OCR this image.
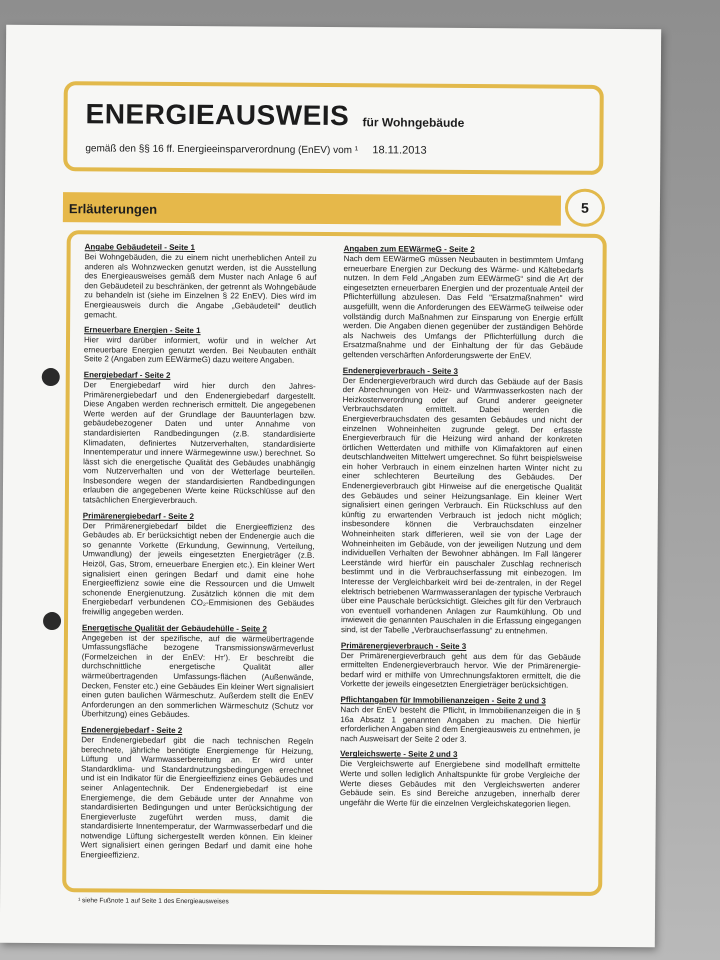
ENERGIEAUSWEIS für Wohngebäude
gemäß den §§ 16 ff. Energieeinsparverordnung (EnEV) vom ¹ 18.11.2013
Erläuterungen	5
Angabe Gebäudeteil - Seite 1

Bei Wohngebäuden, die zu einem nicht unerheblichen Anteil zu anderen als Wohnzwecken genutzt werden, ist die Ausstellung des Energieausweises gemäß dem Muster nach Anlage 6 auf den Gebäudeteil zu beschränken, der getrennt als Wohngebäude zu behandeln ist (siehe im Einzelnen § 22 EnEV). Dies wird im Energieausweis durch die Angabe „Gebäudeteil“ deutlich gemacht.

Erneuerbare Energien - Seite 1

Hier wird darüber informiert, wofür und in welcher Art erneuerbare Energien genutzt werden. Bei Neubauten enthält Seite 2 (Angaben zum EEWärmeG) dazu weitere Angaben.

Energiebedarf - Seite 2

Der Energiebedarf wird hier durch den Jahres-Primärenergiebedarf und den Endenergiebedarf dargestellt. Diese Angaben werden rechnerisch ermittelt. Die angegebenen Werte werden auf der Grundlage der Bauunterlagen bzw. gebäudebezogener Daten und unter Annahme von standardisierten Randbedingungen (z.B. standardisierte Klimadaten, definiertes Nutzerverhalten, standardisierte Innentemperatur und innere Wärmegewinne usw.) berechnet. So lässt sich die energetische Qualität des Gebäudes unabhängig vom Nutzerverhalten und von der Wetterlage beurteilen. Insbesondere wegen der standardisierten Randbedingungen erlauben die angegebenen Werte keine Rückschlüsse auf den tatsächlichen Energieverbrauch.

Primärenergiebedarf - Seite 2

Der Primärenergiebedarf bildet die Energieeffizienz des Gebäudes ab. Er berücksichtigt neben der Endenergie auch die so genannte Vorkette (Erkundung, Gewinnung, Verteilung, Umwandlung) der jeweils eingesetzten Energieträger (z.B. Heizöl, Gas, Strom, erneuerbare Energien etc.). Ein kleiner Wert signalisiert einen geringen Bedarf und damit eine hohe Energieeffizienz sowie eine die Ressourcen und die Umwelt schonende Energienutzung. Zusätzlich können die mit dem Energiebedarf verbundenen CO₂-Emmisionen des Gebäudes freiwillig angegeben werden.

Energetische Qualität der Gebäudehülle - Seite 2

Angegeben ist der spezifische, auf die wärmeübertragende Umfassungsfläche bezogene Transmissionswärmeverlust (Formelzeichen in der EnEV: Hᴛ'). Er beschreibt die durchschnittliche energetische Qualität aller wärmeübertragenden Umfassungs-flächen (Außenwände, Decken, Fenster etc.) eine Gebäudes Ein kleiner Wert signalisiert einen guten baulichen Wärmeschutz. Außerdem stellt die EnEV Anforderungen an den sommerlichen Wärmeschutz (Schutz vor Überhitzung) eines Gebäudes.

Endenergiebedarf - Seite 2

Der Endenergiebedarf gibt die nach technischen Regeln berechnete, jährliche benötigte Energiemenge für Heizung, Lüftung und Warmwasserbereitung an. Er wird unter Standardklima- und Standardnutzungsbedingungen errechnet und ist ein Indikator für die Energieeffizienz eines Gebäudes und seiner Anlagentechnik. Der Endenergiebedarf ist eine Energiemenge, die dem Gebäude unter der Annahme von standardisierten Bedingungen und unter Berücksichtigung der Energieverluste zugeführt werden muss, damit die standardisierte Innentemperatur, der Warmwasserbedarf und die notwendige Lüftung sichergestellt werden können. Ein kleiner Wert signalisiert einen geringen Bedarf und damit eine hohe Energieeffizienz.

Angaben zum EEWärmeG - Seite 2

Nach dem EEWärmeG müssen Neubauten in bestimmtem Umfang erneuerbare Energien zur Deckung des Wärme- und Kältebedarfs nutzen. In dem Feld „Angaben zum EEWärmeG“ sind die Art der eingesetzten erneuerbaren Energien und der prozentuale Anteil der Pflichterfüllung abzulesen. Das Feld "Ersatzmaßnahmen" wird ausgefüllt, wenn die Anforderungen des EEWärmeG teilweise oder vollständig durch Maßnahmen zur Einsparung von Energie erfüllt werden. Die Angaben dienen gegenüber der zuständigen Behörde als Nachweis des Umfangs der Pflichterfüllung durch die Ersatzmaßnahme und der Einhaltung der für das Gebäude geltenden verschärften Anforderungswerte der EnEV.

Endenergieverbrauch - Seite 3

Der Endenergieverbrauch wird durch das Gebäude auf der Basis der Abrechnungen von Heiz- und Warmwasserkosten nach der Heizkostenverordnung oder auf Grund anderer geeigneter Verbrauchsdaten ermittelt. Dabei werden die Energieverbrauchsdaten des gesamten Gebäudes und nicht der einzelnen Wohneinheiten zugrunde gelegt. Der erfasste Energieverbrauch für die Heizung wird anhand der konkreten örtlichen Wetterdaten und mithilfe von Klimafaktoren auf einen deutschlandweiten Mittelwert umgerechnet. So führt beispielsweise ein hoher Verbrauch in einem einzelnen harten Winter nicht zu einer schlechteren Beurteilung des Gebäudes. Der Endenergieverbrauch gibt Hinweise auf die energetische Qualität des Gebäudes und seiner Heizungsanlage. Ein kleiner Wert signalisiert einen geringen Verbrauch. Ein Rückschluss auf den künftig zu erwartenden Verbrauch ist jedoch nicht möglich; insbesondere können die Verbrauchsdaten einzelner Wohneinheiten stark differieren, weil sie von der Lage der Wohneinheiten im Gebäude, von der jeweiligen Nutzung und dem individuellen Verhalten der Bewohner abhängen. Im Fall längerer Leerstände wird hierfür ein pauschaler Zuschlag rechnerisch bestimmt und in die Verbrauchserfassung mit einbezogen. Im Interesse der Vergleichbarkeit wird bei de-zentralen, in der Regel elektrisch betriebenen Warmwasseranlagen der typische Verbrauch über eine Pauschale berücksichtigt. Gleiches gilt für den Verbrauch von eventuell vorhandenen Anlagen zur Raumkühlung. Ob und inwieweit die genannten Pauschalen in die Erfassung eingegangen sind, ist der Tabelle „Verbrauchserfassung“ zu entnehmen.

Primärenergieverbrauch - Seite 3

Der Primärenergieverbrauch geht aus dem für das Gebäude ermittelten Endenergieverbrauch hervor. Wie der Primärenergie-bedarf wird er mithilfe von Umrechnungsfaktoren ermittelt, die die Vorkette der jeweils eingesetzten Energieträger berücksichtigen.

Pflichtangaben für Immobilienanzeigen - Seite 2 und 3

Nach der EnEV besteht die Pflicht, in Immobilienanzeigen die in § 16a Absatz 1 genannten Angaben zu machen. Die hierfür erforderlichen Angaben sind dem Energieausweis zu entnehmen, je nach Ausweisart der Seite 2 oder 3.

Vergleichswerte - Seite 2 und 3

Die Vergleichswerte auf Energiebene sind modellhaft ermittelte Werte und sollen lediglich Anhaltspunkte für grobe Vergleiche der Werte dieses Gebäudes mit den Vergleichswerten anderer Gebäude sein. Es sind Bereiche anzugeben, innerhalb derer ungefähr die Werte für die einzelnen Vergleichskategorien liegen.

¹ siehe Fußnote 1 auf Seite 1 des Energieausweises
